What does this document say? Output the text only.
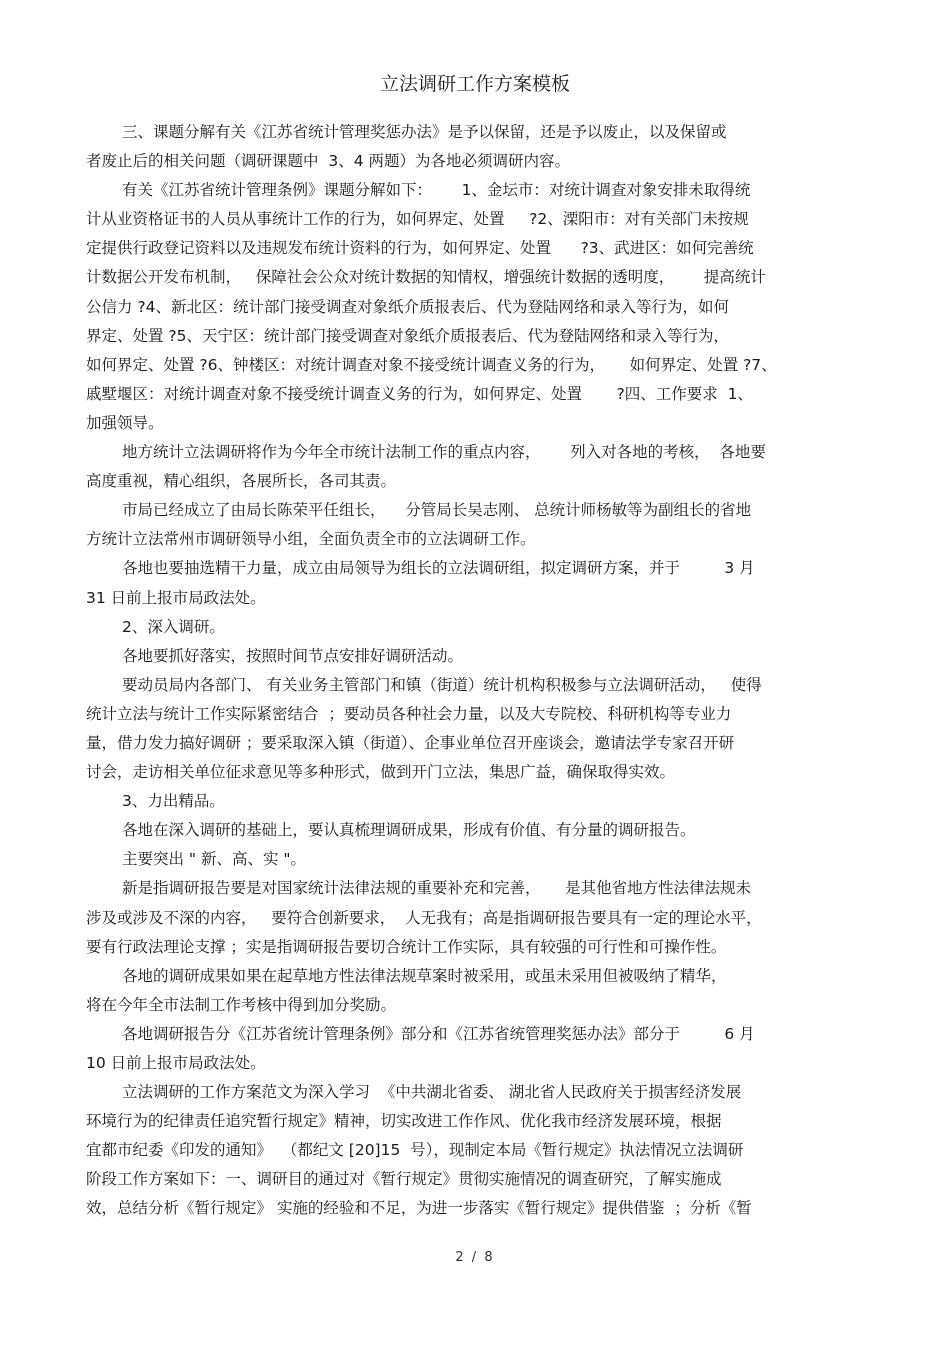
立法调研工作方案模板
三、课题分解有关《江苏省统计管理奖惩办法》是予以保留，还是予以废止，以及保留或
者废止后的相关问题（调研课题中  3、4 两题）为各地必须调研内容。
有关《江苏省统计管理条例》课题分解如下：      1、金坛市：对统计调查对象安排未取得统
计从业资格证书的人员从事统计工作的行为，如何界定、处置     ?2、溧阳市：对有关部门未按规
定提供行政登记资料以及违规发布统计资料的行为，如何界定、处置      ?3、武进区：如何完善统
计数据公开发布机制，   保障社会公众对统计数据的知情权，增强统计数据的透明度，      提高统计
公信力 ?4、新北区：统计部门接受调查对象纸介质报表后、代为登陆网络和录入等行为，如何
界定、处置 ?5、天宁区：统计部门接受调查对象纸介质报表后、代为登陆网络和录入等行为，
如何界定、处置 ?6、钟楼区：对统计调查对象不接受统计调查义务的行为，     如何界定、处置 ?7、
戚墅堰区：对统计调查对象不接受统计调查义务的行为，如何界定、处置       ?四、工作要求  1、
加强领导。
地方统计立法调研将作为今年全市统计法制工作的重点内容，      列入对各地的考核，  各地要
高度重视，精心组织，各展所长，各司其责。
市局已经成立了由局长陈荣平任组长，    分管局长吴志刚、 总统计师杨敏等为副组长的省地
方统计立法常州市调研领导小组，全面负责全市的立法调研工作。
各地也要抽选精干力量，成立由局领导为组长的立法调研组，拟定调研方案，并于         3 月
31 日前上报市局政法处。
2、深入调研。
各地要抓好落实，按照时间节点安排好调研活动。
要动员局内各部门、 有关业务主管部门和镇（街道）统计机构积极参与立法调研活动，   使得
统计立法与统计工作实际紧密结合  ；要动员各种社会力量，以及大专院校、科研机构等专业力
量，借力发力搞好调研 ；要采取深入镇（街道）、企事业单位召开座谈会，邀请法学专家召开研
讨会，走访相关单位征求意见等多种形式，做到开门立法，集思广益，确保取得实效。
3、力出精品。
各地在深入调研的基础上，要认真梳理调研成果，形成有价值、有分量的调研报告。
主要突出 " 新、高、实 "。
新是指调研报告要是对国家统计法律法规的重要补充和完善，     是其他省地方性法律法规未
涉及或涉及不深的内容，   要符合创新要求，  人无我有；高是指调研报告要具有一定的理论水平，
要有行政法理论支撑 ；实是指调研报告要切合统计工作实际，具有较强的可行性和可操作性。
各地的调研成果如果在起草地方性法律法规草案时被采用，或虽未采用但被吸纳了精华，
将在今年全市法制工作考核中得到加分奖励。
各地调研报告分《江苏省统计管理条例》部分和《江苏省统管理奖惩办法》部分于         6 月
10 日前上报市局政法处。
立法调研的工作方案范文为深入学习  《中共湖北省委、 湖北省人民政府关于损害经济发展
环境行为的纪律责任追究暂行规定》精神，切实改进工作作风、优化我市经济发展环境，根据
宜都市纪委《印发的通知》  （都纪文 [20]15  号），现制定本局《暂行规定》执法情况立法调研
阶段工作方案如下：一、调研目的通过对《暂行规定》贯彻实施情况的调查研究，了解实施成
效，总结分析《暂行规定》 实施的经验和不足，为进一步落实《暂行规定》提供借鉴  ；分析《暂
2 / 8
